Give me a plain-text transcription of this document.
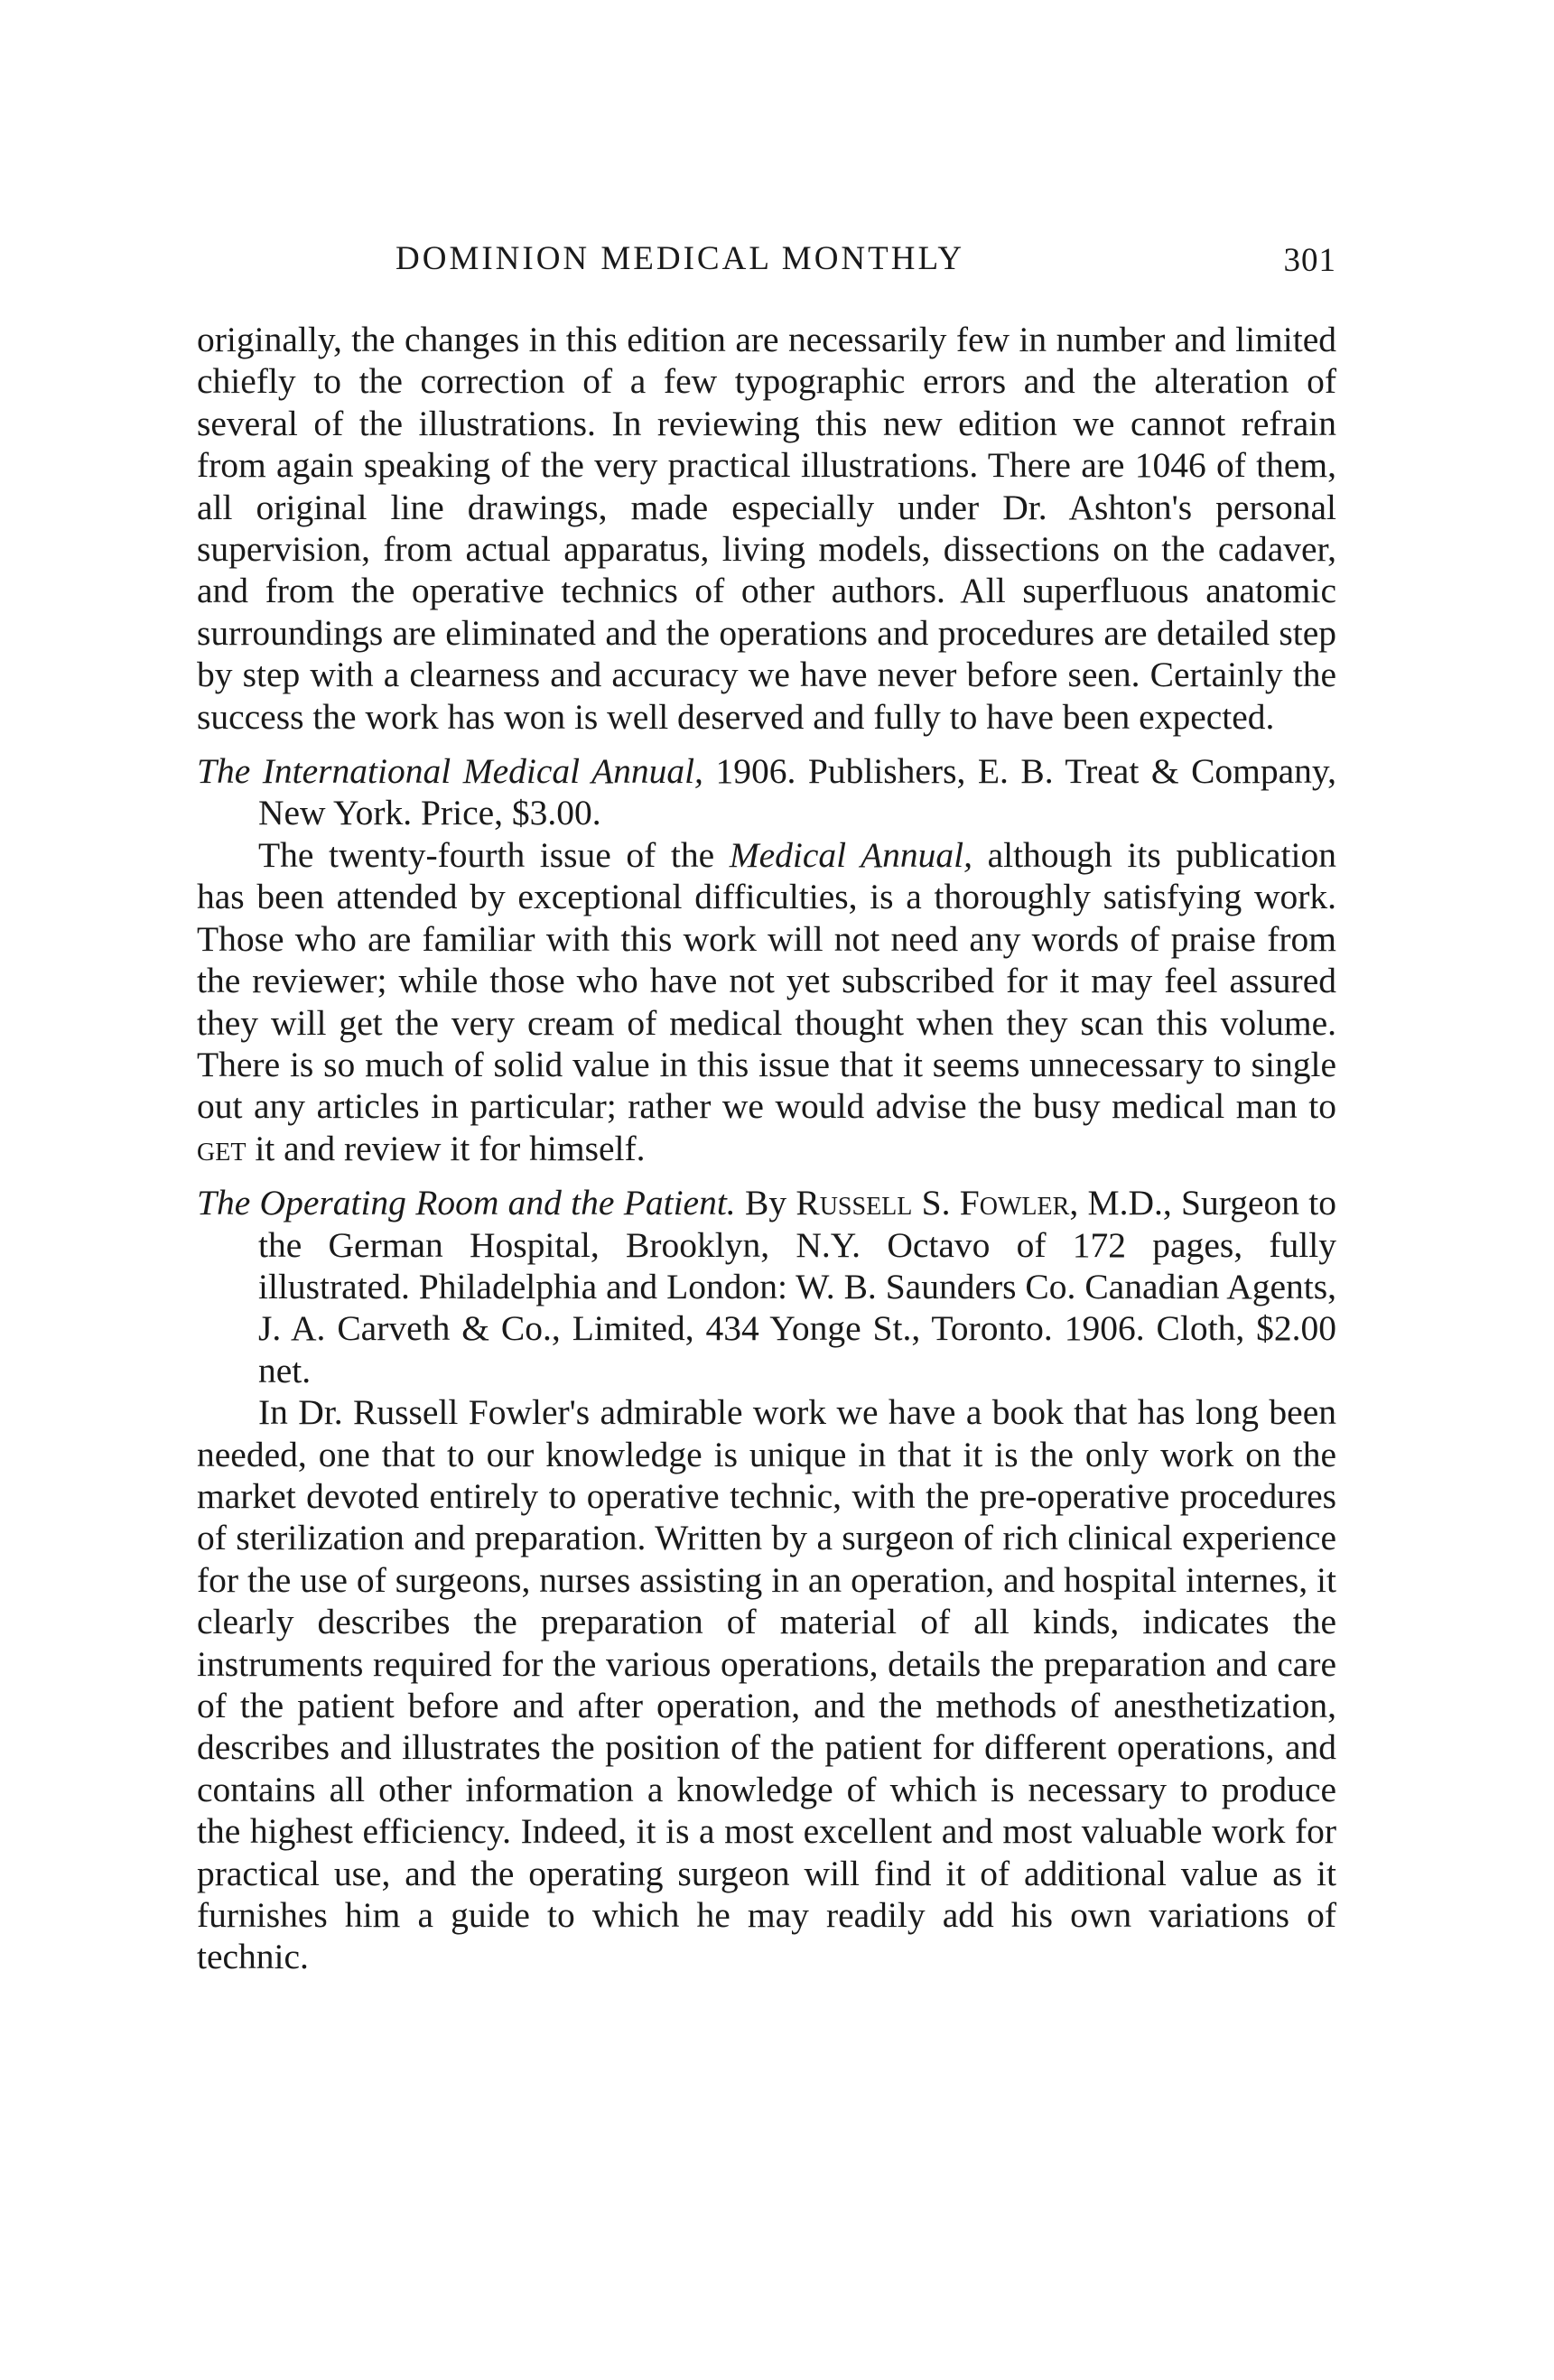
DOMINION MEDICAL MONTHLY	301

originally, the changes in this edition are necessarily few in number and limited chiefly to the correction of a few typographic errors and the alteration of several of the illustrations. In reviewing this new edition we cannot refrain from again speaking of the very practical illustrations. There are 1046 of them, all original line drawings, made especially under Dr. Ashton's personal supervision, from actual apparatus, living models, dissections on the cadaver, and from the operative technics of other authors. All superfluous anatomic surroundings are eliminated and the operations and procedures are detailed step by step with a clearness and accuracy we have never before seen. Certainly the success the work has won is well deserved and fully to have been expected.

The International Medical Annual, 1906. Publishers, E. B. Treat & Company, New York. Price, $3.00.

The twenty-fourth issue of the Medical Annual, although its publication has been attended by exceptional difficulties, is a thoroughly satisfying work. Those who are familiar with this work will not need any words of praise from the reviewer; while those who have not yet subscribed for it may feel assured they will get the very cream of medical thought when they scan this volume. There is so much of solid value in this issue that it seems unnecessary to single out any articles in particular; rather we would advise the busy medical man to get it and review it for himself.

The Operating Room and the Patient. By Russell S. Fowler, M.D., Surgeon to the German Hospital, Brooklyn, N.Y. Octavo of 172 pages, fully illustrated. Philadelphia and London: W. B. Saunders Co. Canadian Agents, J. A. Carveth & Co., Limited, 434 Yonge St., Toronto. 1906. Cloth, $2.00 net.

In Dr. Russell Fowler's admirable work we have a book that has long been needed, one that to our knowledge is unique in that it is the only work on the market devoted entirely to operative technic, with the pre-operative procedures of sterilization and preparation. Written by a surgeon of rich clinical experience for the use of surgeons, nurses assisting in an operation, and hospital internes, it clearly describes the preparation of material of all kinds, indicates the instruments required for the various operations, details the preparation and care of the patient before and after operation, and the methods of anesthetization, describes and illustrates the position of the patient for different operations, and contains all other information a knowledge of which is necessary to produce the highest efficiency. Indeed, it is a most excellent and most valuable work for practical use, and the operating surgeon will find it of additional value as it furnishes him a guide to which he may readily add his own variations of technic.
